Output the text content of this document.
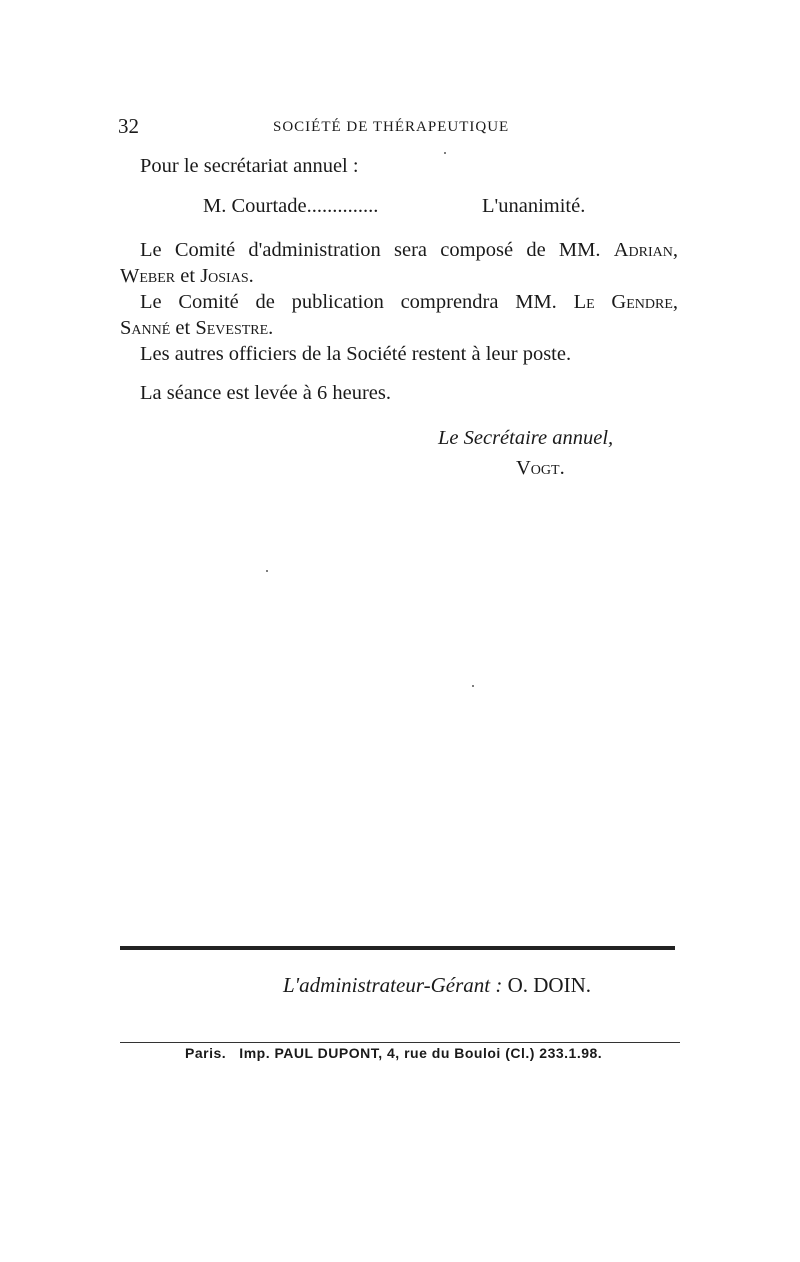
32	SOCIÉTÉ DE THÉRAPEUTIQUE
Pour le secrétariat annuel :
M. Courtade..............	L'unanimité.
Le Comité d'administration sera composé de MM. Adrian,
Weber et Josias.
Le Comité de publication comprendra MM. Le Gendre,
Sanné et Sevestre.
Les autres officiers de la Société restent à leur poste.
La séance est levée à 6 heures.
Le Secrétaire annuel,
Vogt.
L'administrateur-Gérant : O. DOIN.
Paris.   Imp. PAUL DUPONT, 4, rue du Bouloi (Cl.) 233.1.98.
